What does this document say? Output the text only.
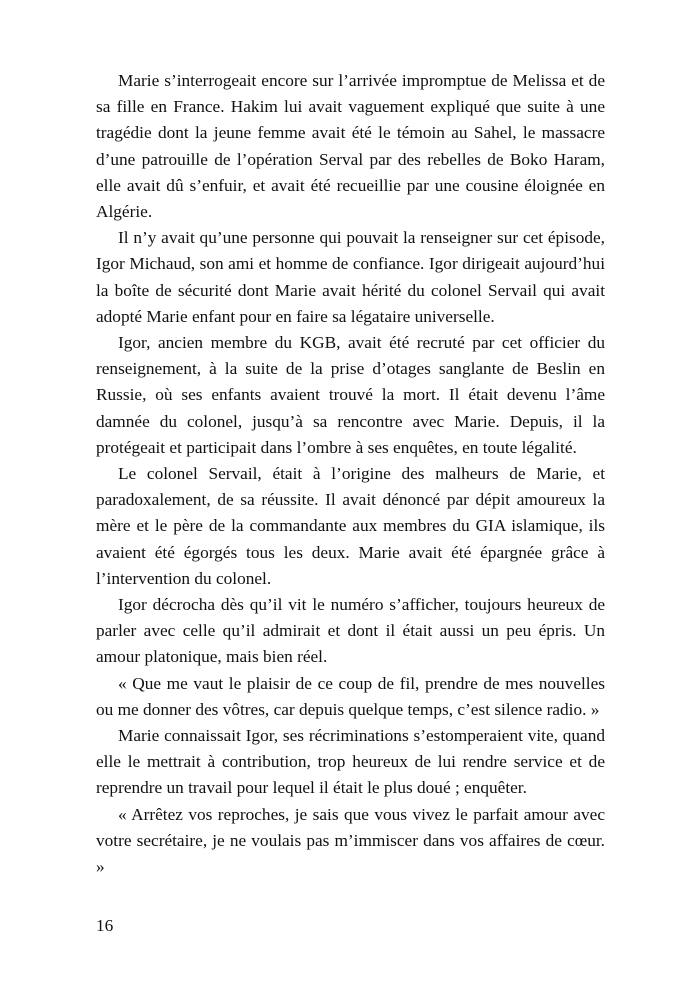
Marie s’interrogeait encore sur l’arrivée impromptue de Melissa et de sa fille en France. Hakim lui avait vaguement expliqué que suite à une tragédie dont la jeune femme avait été le témoin au Sahel, le massacre d’une patrouille de l’opération Serval par des rebelles de Boko Haram, elle avait dû s’enfuir, et avait été recueillie par une cousine éloignée en Algérie.

Il n’y avait qu’une personne qui pouvait la renseigner sur cet épisode, Igor Michaud, son ami et homme de confiance. Igor dirigeait aujourd’hui la boîte de sécurité dont Marie avait hérité du colonel Servail qui avait adopté Marie enfant pour en faire sa légataire universelle.

Igor, ancien membre du KGB, avait été recruté par cet officier du renseignement, à la suite de la prise d’otages sanglante de Beslin en Russie, où ses enfants avaient trouvé la mort. Il était devenu l’âme damnée du colonel, jusqu’à sa rencontre avec Marie. Depuis, il la protégeait et participait dans l’ombre à ses enquêtes, en toute légalité.

Le colonel Servail, était à l’origine des malheurs de Marie, et paradoxalement, de sa réussite. Il avait dénoncé par dépit amoureux la mère et le père de la commandante aux membres du GIA islamique, ils avaient été égorgés tous les deux. Marie avait été épargnée grâce à l’intervention du colonel.

Igor décrocha dès qu’il vit le numéro s’afficher, toujours heureux de parler avec celle qu’il admirait et dont il était aussi un peu épris. Un amour platonique, mais bien réel.

« Que me vaut le plaisir de ce coup de fil, prendre de mes nouvelles ou me donner des vôtres, car depuis quelque temps, c’est silence radio. »

Marie connaissait Igor, ses récriminations s’estomperaient vite, quand elle le mettrait à contribution, trop heureux de lui rendre service et de reprendre un travail pour lequel il était le plus doué ; enquêter.

« Arrêtez vos reproches, je sais que vous vivez le parfait amour avec votre secrétaire, je ne voulais pas m’immiscer dans vos affaires de cœur. »

16
